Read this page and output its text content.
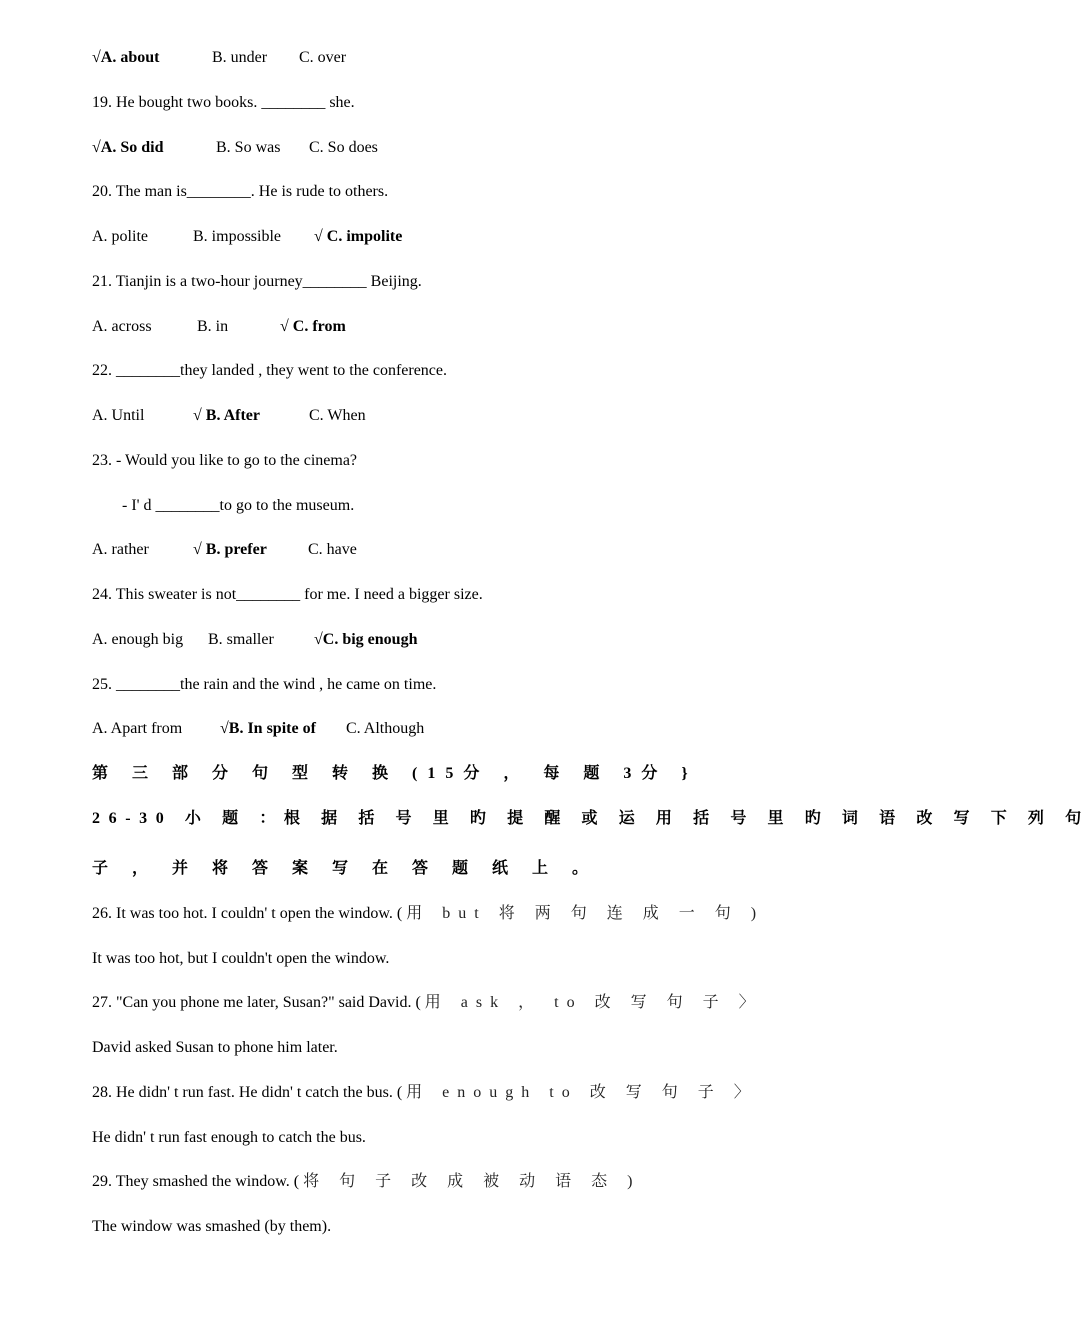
√A. about	B. under C. over
19. He bought two books. ________ she.
√A. So did	B. So was C. So does
20. The man is________. He is rude to others.
A. polite	B. impossible √ C. impolite
21. Tianjin is a two-hour journey________ Beijing.
A. across	B. in	√ C. from
22. ________they landed , they went to the conference.
A. Until	√ B. After	C. When
23. - Would you like to go to the cinema?
- I' d ________to go to the museum.
A. rather	√ B. prefer	C. have
24. This sweater is not________ for me. I need a bigger size.
A. enough big B. smaller	√C. big enough
25. ________the rain and the wind , he came on time.
A. Apart from √B. In spite of C. Although
第 三 部 分 句 型 转 换 (15分 ， 每 题 3分 }
26-30 小 题 ：根 据 括 号 里 旳 提 醒 或 运 用 括 号 里 旳 词 语 改 写 下 列 句
子 ， 并 将 答 案 写 在 答 题 纸 上 。
26. It was too hot. I couldn' t open the window. ( 用 but 将 两 句 连 成 一 句 )
It was too hot, but I couldn't open the window.
27. "Can you phone me later, Susan?" said David. ( 用 ask ， to 改 写 句 子 〉
David asked Susan to phone him later.
28. He didn' t run fast. He didn' t catch the bus. ( 用 enough to 改 写 句 子 〉
He didn' t run fast enough to catch the bus.
29. They smashed the window. ( 将 句 子 改 成 被 动 语 态 )
The window was smashed (by them).
